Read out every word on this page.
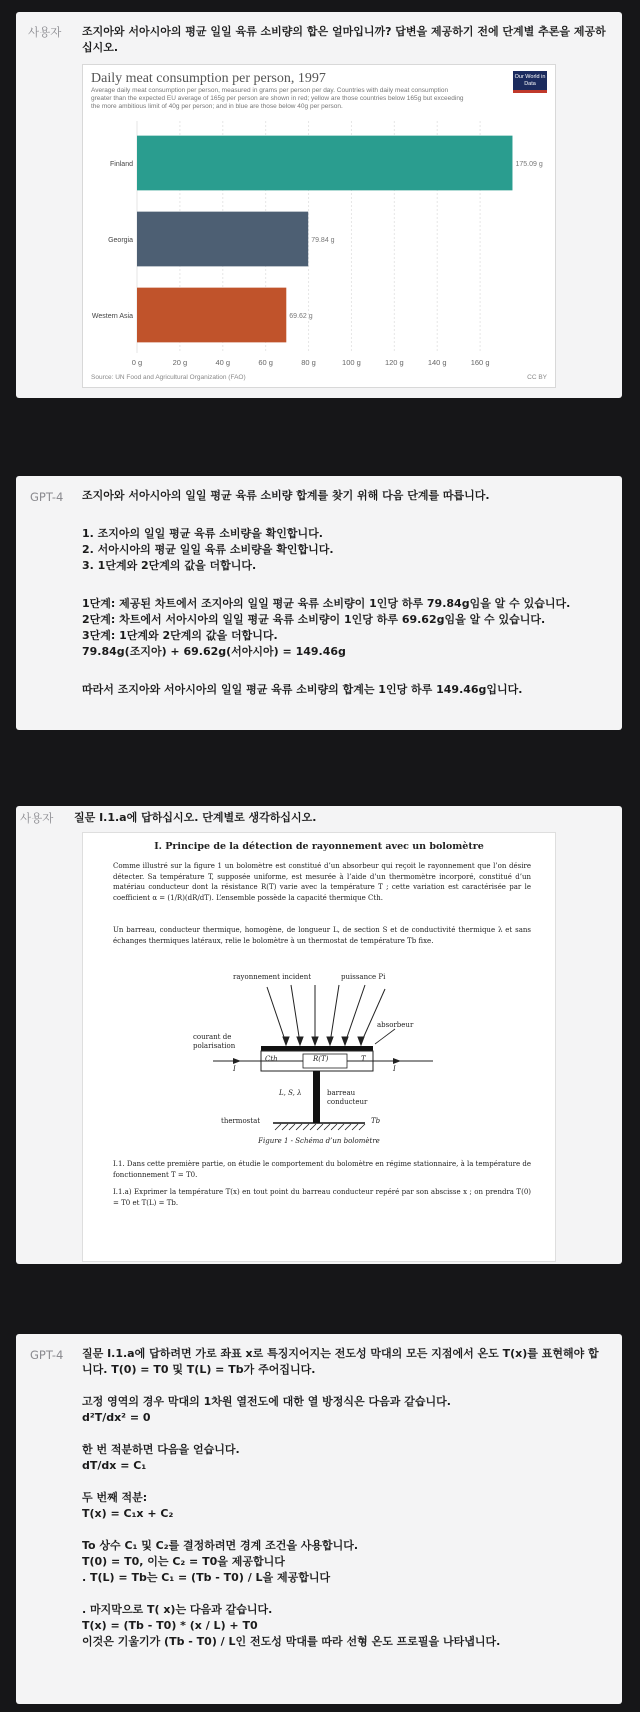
사용자 조지아와 서아시아의 평균 일일 육류 소비량의 합은 얼마입니까? 답변을 제공하기 전에 단계별 추론을 제공하십시오.

Daily meat consumption per person, 1997
Average daily meat consumption per person, measured in grams per person per day. Countries with daily meat consumption greater than the expected EU average of 165g per person are shown in red; yellow are those countries below 165g but exceeding the more ambitious limit of 40g per person; and in blue are those below 40g per person.
Our World in Data
0 g	20 g	40 g	60 g	80 g	100 g	120 g	140 g	160 g
Finland	175.09 g
Georgia	79.84 g
Western Asia	69.62 g
Source: UN Food and Agricultural Organization (FAO)	CC BY
GPT-4 조지아와 서아시아의 일일 평균 육류 소비량 합계를 찾기 위해 다음 단계를 따릅니다.

1. 조지아의 일일 평균 육류 소비량을 확인합니다.

2. 서아시아의 평균 일일 육류 소비량을 확인합니다.

3. 1단계와 2단계의 값을 더합니다.

1단계: 제공된 차트에서 조지아의 일일 평균 육류 소비량이 1인당 하루 79.84g임을 알 수 있습니다.

2단계: 차트에서 서아시아의 일일 평균 육류 소비량이 1인당 하루 69.62g임을 알 수 있습니다.

3단계: 1단계와 2단계의 값을 더합니다.

79.84g(조지아) + 69.62g(서아시아) = 149.46g

따라서 조지아와 서아시아의 일일 평균 육류 소비량의 합계는 1인당 하루 149.46g입니다.

사용자 질문 I.1.a에 답하십시오. 단계별로 생각하십시오.

I. Principe de la détection de rayonnement avec un bolomètre

Comme illustré sur la figure 1 un bolomètre est constitué d’un absorbeur qui reçoit le rayonnement que l’on désire détecter. Sa température T, supposée uniforme, est mesurée à l’aide d’un thermomètre incorporé, constitué d’un matériau conducteur dont la résistance R(T) varie avec la température T ; cette variation est caractérisée par le coefficient α = (1/R)(dR/dT). L’ensemble possède la capacité thermique Cth.

Un barreau, conducteur thermique, homogène, de longueur L, de section S et de conductivité thermique λ et sans échanges thermiques latéraux, relie le bolomètre à un thermostat de température Tb fixe.

rayonnement incident	puissance Pi
absorbeur
courant de
polarisation
I	I
Cth	R(T)	T
L, S, λ	barreau
conducteur
thermostat	Tb
Figure 1 - Schéma d’un bolomètre

I.1. Dans cette première partie, on étudie le comportement du bolomètre en régime stationnaire, à la température de fonctionnement T = T0.

I.1.a) Exprimer la température T(x) en tout point du barreau conducteur repéré par son abscisse x ; on prendra T(0) = T0 et T(L) = Tb.

GPT-4 질문 I.1.a에 답하려면 가로 좌표 x로 특징지어지는 전도성 막대의 모든 지점에서 온도 T(x)를 표현해야 합니다. T(0) = T0 및 T(L) = Tb가 주어집니다.

고정 영역의 경우 막대의 1차원 열전도에 대한 열 방정식은 다음과 같습니다.

d²T/dx² = 0

한 번 적분하면 다음을 얻습니다.

dT/dx = C₁

두 번째 적분:

T(x) = C₁x + C₂

To 상수 C₁ 및 C₂를 결정하려면 경계 조건을 사용합니다.

T(0) = T0, 이는 C₂ = T0을 제공합니다

. T(L) = Tb는 C₁ = (Tb - T0) / L을 제공합니다

. 마지막으로 T( x)는 다음과 같습니다.

T(x) = (Tb - T0) * (x / L) + T0

이것은 기울기가 (Tb - T0) / L인 전도성 막대를 따라 선형 온도 프로필을 나타냅니다.
